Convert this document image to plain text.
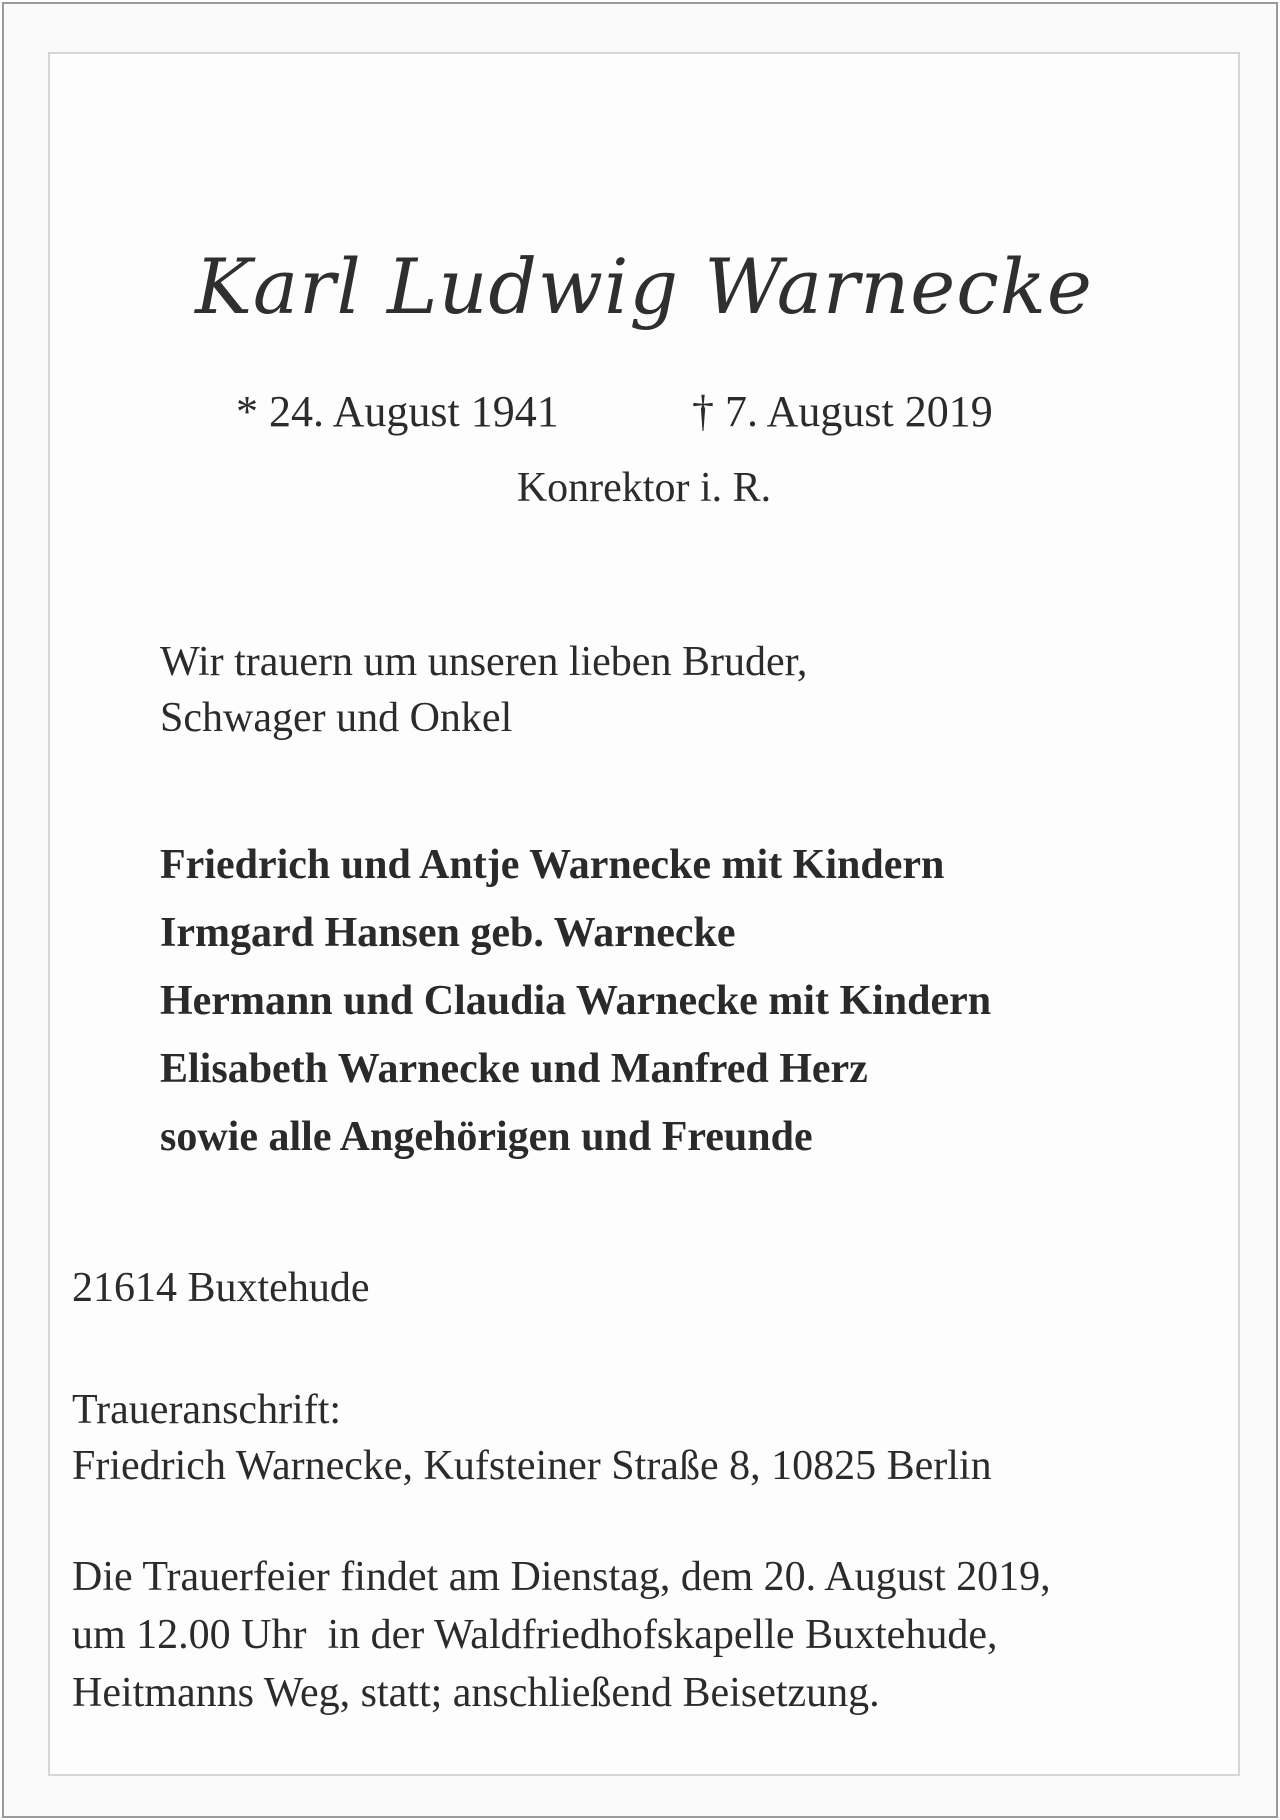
Karl Ludwig Warnecke
* 24. August 1941	† 7. August 2019
Konrektor i. R.
Wir trauern um unseren lieben Bruder,
Schwager und Onkel
Friedrich und Antje Warnecke mit Kindern
Irmgard Hansen geb. Warnecke
Hermann und Claudia Warnecke mit Kindern
Elisabeth Warnecke und Manfred Herz
sowie alle Angehörigen und Freunde
21614 Buxtehude
Traueranschrift:
Friedrich Warnecke, Kufsteiner Straße 8, 10825 Berlin
Die Trauerfeier findet am Dienstag, dem 20. August 2019,
um 12.00 Uhr  in der Waldfriedhofskapelle Buxtehude,
Heitmanns Weg, statt; anschließend Beisetzung.
